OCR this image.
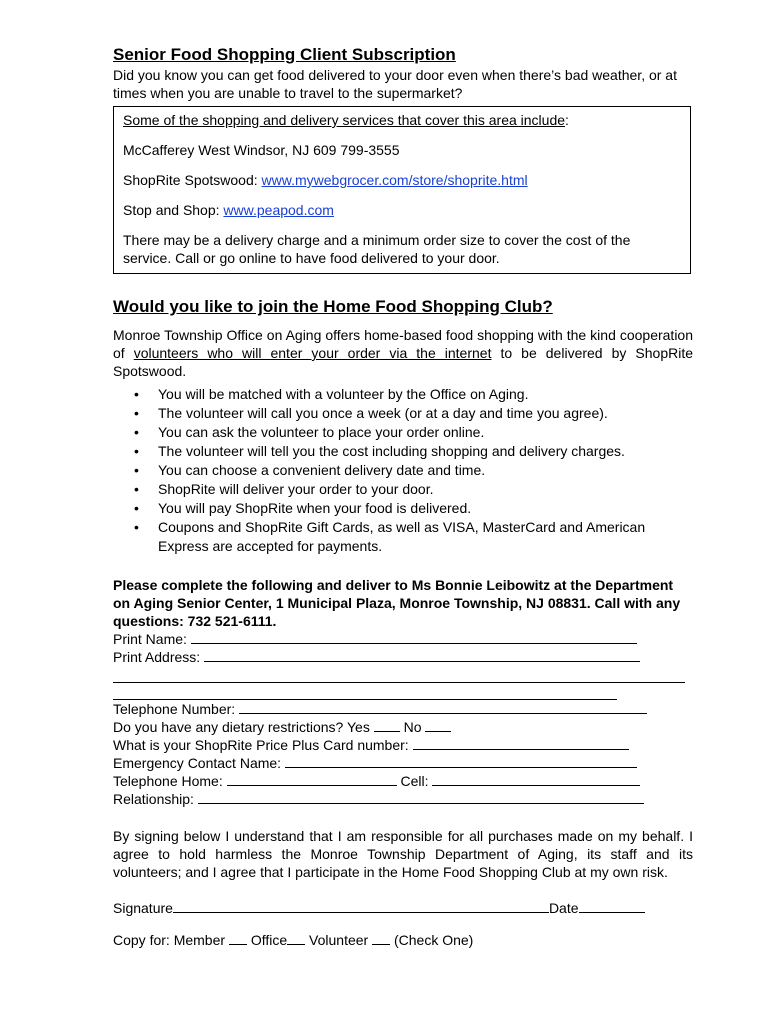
Senior Food Shopping Client Subscription

Did you know you can get food delivered to your door even when there’s bad weather, or at times when you are unable to travel to the supermarket?

Some of the shopping and delivery services that cover this area include:

McCafferey West Windsor, NJ 609 799-3555

ShopRite Spotswood: www.mywebgrocer.com/store/shoprite.html

Stop and Shop: www.peapod.com

There may be a delivery charge and a minimum order size to cover the cost of the service. Call or go online to have food delivered to your door.

Would you like to join the Home Food Shopping Club?

Monroe Township Office on Aging offers home-based food shopping with the kind cooperation of volunteers who will enter your order via the internet to be delivered by ShopRite Spotswood.

• You will be matched with a volunteer by the Office on Aging.
• The volunteer will call you once a week (or at a day and time you agree).
• You can ask the volunteer to place your order online.
• The volunteer will tell you the cost including shopping and delivery charges.
• You can choose a convenient delivery date and time.
• ShopRite will deliver your order to your door.
• You will pay ShopRite when your food is delivered.
• Coupons and ShopRite Gift Cards, as well as VISA, MasterCard and American Express are accepted for payments.

Please complete the following and deliver to Ms Bonnie Leibowitz at the Department on Aging Senior Center, 1 Municipal Plaza, Monroe Township, NJ 08831. Call with any questions: 732 521-6111.

Print Name:

Print Address:

Telephone Number:

Do you have any dietary restrictions? Yes  No

What is your ShopRite Price Plus Card number:

Emergency Contact Name:

Telephone Home:	Cell:

Relationship:

By signing below I understand that I am responsible for all purchases made on my behalf. I agree to hold harmless the Monroe Township Department of Aging, its staff and its volunteers; and I agree that I participate in the Home Food Shopping Club at my own risk.

Signature	Date

Copy for: Member  Office Volunteer  (Check One)
